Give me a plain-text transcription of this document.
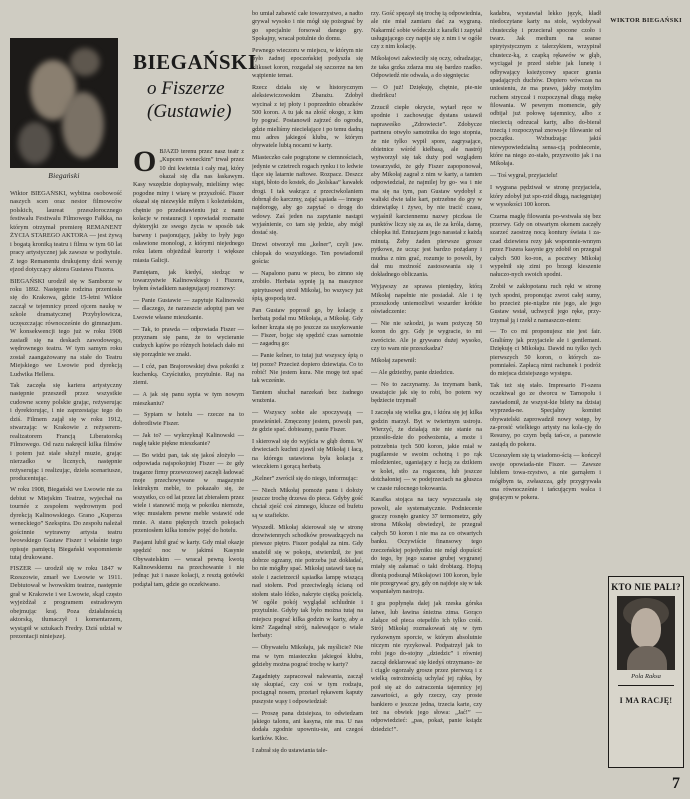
Biegański

Wiktor BIEGAŃSKI, wybitna osobowość naszych scen oraz nestor filmowców polskich, laureat przeszłorocznego festiwalu Festiwalu Filmowego Fałkka, na którym otrzymał premierę REMANENT ŻYCIA STAREGO AKTORA — jest żywą i bogatą kroniką teatru i filmu w tym 60 lat pracy artystycznej jak zawsze w podtytule. Z tego Remanentu drukujemy dziś wersję ejzod dotyczący aktora Gustawa Fiszera.

BIEGAŃSKI urodził się w Samborze w roku 1892. Następnie rodzina przeniosła się do Krakowa, gdzie 15-letni Wiktor zaczął w tejemnicy przed ojcem naukę w szkole dramatycznej Przybylowicza, uczęszczając równocześnie do gimnazjum. W konsekwencji tego już w roku 1908 zasiadł się na deskach zawodowego, wędrownego teatru. W tym samym roku został zaangażowany na stałe do Teatru Miejskiego we Lwowie pod dyrekcją Ludwika Hellera.

Tak zaczęła się kariera artystyczny następnie przeszedł przez wszystkie cudowne sceny polskie grając, reżyserując i dyrektorując, i nie zaprzestając tego do dziś. Filmem zajął się w roku 1912, stwarzając w Krakowie z reżyserem-realizatorem Francją Liberatorską Filmowego. Od razu nakręcił kilka filmów i potem już stale służył muzie, grając nierzadko w licznych, następnie reżyserując i realizując, dzieła scenariusze, producentując.

W roku 1908, Biegański we Lwowie nie za debiut w Miejskim Teatrze, wyjechał na tournée z zespołem wędrownym pod dyrekcją Kalinowskiego. Grano „Kuperza weneckiego” Szekspira. Do zespołu należał gościnnie wytrawny artysta teatru lwowskiego Gustaw Fiszer i właśnie tego opisuje pamięcią Biegański wspomnienie tutaj drukowane.

FISZER — urodził się w roku 1847 w Rzeszowie, zmarł we Lwowie w 1911. Debiutował w lwowskim teatrze, następnie grał w Krakowie i we Lwowie, skąd często wyjeżdżał z programem estradowym obejmując kraj. Poza działalnością aktorską, tłumaczył i komentarzem, wystąpił w sztukach Fredry. Dziś udział w prezentacji niniejszej.

BIEGAŃSKI
o Fiszerze
(Gustawie)

OBJAZD terenu przez nasz teatr z „Kupcem weneckim” trwał przez 10 dni kwietnia i cały maj, który okazał się dla nas łaskawym. Kasy wszędzie dopisywały, mieliśmy więc pogodne miny i wiarę w przyszłość. Fiszer okazał się niezwykle miłym i koleżeńskim, chętnie po przedstawieniu już z nami kolacje w restauracji i opowiadał rozmaite dykteryjki ze swego życia w sposób tak barwny i pasjonujący, jakby to były jego osławione monologi, z którymi niejednego roku latem objeżdżał kurorty i większe miasta Galicji.

Pamiętam, jak kiedyś, siedząc w towarzystwie Kalinowskiego i Fiszera, byłem świadkiem następującej rozmowy:

— Panie Gustawie — zapytuje Kalinowski — dlaczego, że narzeszcie adoptuj pan we Lwowie własne mieszkanie.

— Tak, to prawda — odpowiada Fiszer — przyznam się panu, że to wycieranie cudzych kątów po różnych hotelach dało mi się porządnie we znaki.

— I cóż, pan Brajorowskiej dwa pokoiki z kuchenką. Czyściutko, przytulnie. Raj na ziemi.

— A jak się panu sypia w tym nowym mieszkaniu?

— Sypiam w hotelu — rzecze na to dobrotliwie Fiszer.

— Jak to? — wykrzyknął Kalinowski — naglę takie piękne mieszkanie?

— Bo widzi pan, tak się jakoś złożyło — odpowiada najspokojniej Fiszer — że gdy tragarze firmy przewozowej zaczęli ładować moje przechowywane w magazynie lektrukym meble, to pokazało się, że wszystko, co od lat przez lat zbierałem przez wiele i stanowić moją w pokoiku niemoże, więc musiałem pewne meble wstawić ode mnie. A stanu pięknych trzech pokojach przeniosłem kilka tomów pojęć do hotelu.

Pasjami lubił grać w karty. Gdy miał okazje spędzić noc w jakimś Kasynie Obywatelskim — wracał pewną kwotą Kalinowskiemu na przechowanie i nie jednąc już i nasze kolacji, z resztą gotówki podążał tam, gdzie go oczekiwano.

bo umiał zabawić całe towarzystwo, a nadto grywał wysoko i nie mógł się pożegnać by go specjalnie forsował danego gry. Spokajny, wracał potulnie do domu.

Pewnego wieczoru w miejscu, w którym nie było żadnej epoczeńskiej podyszła się klikuset koron, rozgadał się szczerze na ten wątpienie temat.

Rzecz działa się w historycznym aleksiewiczowskim Zbarażu. Zdobył wycinał z tej płoty i poprzednio obrazków 500 koron. A tu jak na złość okogo, z kim by pograć. Postanowił zajrzeć do ogrodu, gdzie mieliśmy nieciełające i po temu dadną mu adres jakiegoś klubu, w którym obywatele lubią nocami w karty.

Miasteczko całe pogrążone w ciemnościach, jedynie w cztetrech rogach rynku i to ledwie tlące się latarnie naftowe. Rozpacz. Deszcz siąpi, błoto do kostek, do „kolskaa” kawałek drogi. I tak wakrącz z przeciwkolaniem dobrnął do karczmy, zająć sąsiada — innego najdorogę, aby go zapytać o drogę do wdowy. Zaś jeden na zapytanie nastąpi wyjaśnienie, co tam się jedzie, aby mógł dostać się.

Drzwi otworzył mu „kelner”, czyli jaw. chłopak do wszystkiego. Ten powiadomił gościa:

— Napalono panu w piecu, bo zimno się zrobiło. Herbata sypnię ją na maszynce spirytusowej stroił Mikołaj, bo wszyscy już śpią, gospodą też.

Pan Gustaw poprosił go, by kolację z herbatą podał mu Mikołaja, a Mikołaj. Gdy kelner krząta się po jeszcze za uszykowanie — Fiszer, bojąc się spędzić czas samotnie — zagadną go:

— Panie kelner, to tutaj już wszyscy śpią o tej porze? Przecież dopiero dziewiąta. Co to robić! Nie jestem kura. Nie mogę też spać tak wcześnie.

Tamtem słuchał narzekań bez żadnego wrażenia.

— Wszyscy sobie ale spoczywają — prawieśnieł. Zmęczony jestem, powoli pan, że gdzie spać. dobieamy, panie Fiszer.

I skierował się do wyjścia w głąb domu. W drwieciach kuchni zjawił się Mikołaj i łacą, na któregu ustawiona była kolacja z wieczkiem i gorącą herbatą.

„Kelner” zwrócił się do niego, informując:

— Niech Mikołaj pomoże panu i dołoży jeszcze trochę drzewa do pieca. Gdyby gość chciał zjeść coś zimnego, klucze od bufetu są w szafiekże.

Wyszedł. Mikołaj skierował się w stronę drzwiwiennych schodków prowadzących na piewsze piętro. Fiszer podąłał za nim. Gdy snażelił się w pokoju, stwierdził, że jest dobrze ogrzany, nie potrzeba już dokładać, bo nie mógłby spać. Mikołaj ustawił tacę na stole i zacietrzecił sąsiadka lampę wiszącą nad stołem. Pod przeciwległą ścianą od stołem stało łóżko, nakryte ciężką pościelą. W ogóle pokój wyglądał schludnie i przytulnie. Gdyby tak było można tutaj na miejscu pograć kilka godzin w karty, aby a kim? Zagadnął strój, nalewające o wiale herbaty:

— Obywatelu Mikołaju, jak myślicie? Nie ma w tym miasteczku jakiegoś klubu, gdzieby można pograć trochę w karty?

Zagadnięty zapracował nalewania, zaczął się skupiać, czy coś w tym rodzaju, pociągnął nosem, przetarł rękawem kaputy puszyste wąsy i odpowiedział:

— Proszę pana dzisiejsza, to odwiedzam jakiego talonu, ani kasyna, nie ma. U nas dodała zgodnie upowniu-sie, ani czegoś kartków. Kłoc.

I zabrał się do ustawiania tale-

rzy. Gość spęzaył się trochę ią odpowiednia, ale nie miał zamiaru dać za wygraną. Nakarmić sobie wódeczki z karafki i zapytał usługującego czy napije się z nim i w ogóle czy z nim kolację.

Mikołajowi zakwieciły się oczy, odradzając, że taka grzka zdarza mu się bardzo rzadko. Odpowiedź nie odwala, a do sięgnięcia:

— O już! Dziękuję, chętnie, pie-nie diedrikcu!

Zrzucił ciepłe okrycie, wytarł ręce w spodnie i zachowując dystans ustawił napraweśko „Zdrowiecie”. Zdobycze partnera otwyło samotnika do tego stopnia, że nie tylko wypił spore, zagrysające, obietnice wśród kiełbasą, ale nastrój wytworzył się tak duży pod wzglądem towarzystki, że gdy Fiszer zapoponował, aby Mikołaj zagrał z nim w karty, a tamten odpowiedział, że najmilej by go- wa i nie ma się na tym, pan Gustaw wydobył z waliski dwie talie kart, potrzebne do gry w dziewiątkę i żywo, by nie tracić czasu, wyjaśnił karciennemu nazwy piczkaa ile punktów liczy się za as, ile za króla, damę, chłopka itd. Entuzjazm jego narastał z każdą minutą. Żeby żaden pierwsze grosze pytkowe, że ucząc jest bardzo pożądany i mudna z nim grać, rozumje to powoli, by dał mu możność zastosowania się i dokładnego obliczania.

Wyjąwszy ze sprawa pieniędzy, którą Mikołaj napełnie nie posiadał. Ale i tę przeszkodę uniemożliwi wszarder krótkie oświadczenie:

— Nie nie szkodzi, ja wam pożyczę 50 koron do gry. Gdy je wygracie, to mi zwrócicie. Ale je grywano dużej wysoko, czy to wam nie przeszkadza?

Mikołaj zapewnił:

— Ale gdzieżby, panie dziedzicu.

— No to zaczynamy. Ja trzymam bank, uważajcie jak się to robi, bo potem wy będziecie trzymał!

I zaczęła się wielka gra, i która się jej kilka godzin marzył. Byt w twiertnym ustroju. Wierzyć, że działają nie nie stanie na przesiło-dzie do podwożenia, a może i potrzebnia tych 500 koron, jakie miał w pugilaresie w swoim ochotną i po rąk mlodzieniec, uganiający z łucją za dzikiem w kolei, stło za rogacons, lub jeszcze dotchałoniej — w podejrzeciach na głuszca w czasie rulocnego tokowania.

Karafka stojąca na tacy wyszczasła się powoli, ale systematycznie. Podniecenie graczy rosnęło granicy 37 termometrz, gdy strona Mikołaj obwiedzył, że przegrał całych 50 koron i nie ma za co otwartych banku. Oczywiście finansowy tego rzeczeńskiej pojedyniku nie mógł dopuścić do tego, by jego szanse grubej wygranej rniały się załamać o taki drobiazg. Hojną dłonią podsunął Mikołajowi 100 koron, byle nie przegrywać gry, gdy on najdoje się w tak wspaniałym nastroju.

I gra popłynęła dalej jak rzeska górska łatwe, lub ławina śnieżna zima. Gorąco zlałące od pieca otepelilo ich tylko cośń. Strój Mikołaj rozmakowań się w tym ryzkownym sporcie, w którym absolutnie niczym nie ryzykował. Podpatrzył jak to robi jego do-stojny „dziedzic” i równiej zaczął deklarować się kiedyś otrzymano- że i ciągle ogorzały grosze przez pierwszą i z wielką ostrożnością uchylać jej rąbka, by poił się aż do zatraczenia tajemnicy jej zawartości, a gdy rzeczy, czy proste bankiero e jeszcze jedna, trzecia karte, czy też na obwiek jego słowa: „Jać!” — odpowiedzieć: „pas, pokaż, panie ksiądz dziedzic!”.

kadabra, wystawiał lekko język, kładł niedoczytane karty na stole, wydobywał chusteczkę i przecierał spocone czoło i twarz. Jak medium na seanse spirytystycznym z talerzykiem, wrzypirał chustecz-ką, z czapką rękawów w głąb, wyciągał je przed siebie jak lunetę i odbywający ksieżycowy spacer grania spadających duchów. Dopiero wówczas na uniesieniu, że ma prawo, jakby motylim ruchem stryczał i rozpoczynał długą mękę filowania. W pewnym momencie, gdy odbijał już połowę tajemnicy, albo z nieciecią odrzucał karty, albo do-bierał trzecią i rozpoczynał znowu-je filowanie od początku. Wzbudzając jakiś niewypowiedzialną sensa-cją podniecenie, które na niego zo-stało, przyzwoito jak i na Mikołaja.

— Toś wygrał, przyjacielu!

I wygrana pędziwał w stronę przyjaciela, który zdobył już spo-rzid długą, nacięgniątej w wysokości 100 koron.

Czarna maglę filowania po-wstwała się bez przerwy. Gdy on otwartym okenem zaczęły szarzeć zaostrzę nocą kontury świata i za-czad dziewiera rezy jak wspomnie-wnnym przez Fiszera kasynie gry zdobił on przegrał całych 500 ko-ron, a pocztwy Mikołaj wypełnił się zimi po brzegi kieszenie nałuczo-nych swoich spodni.

Zrobił w zakłopotanu ruch ręki w stronę tych spodni, proponując zwrot całej sumy, bo przecież pie-niądze nie jego, ale jego Gustaw wstał, uchwycił jego ręke, przy-trzymał ją i rzekł z namaszcze-niem:

— To co mi proponujesz nie jest fair. Graliśmy jak przyjaciele ale i gentlemani. Dziękuję ci Mikołaju. Dawid nu tylko tych pierwszych 50 koron, o których za-pomniałeś. Zapłacą nimi rachunek i podróż do miejsca dzisiejszego występu.

Tak też się stało. Impresario Fi-szera oczekiwał go ze dworcu w Tarnopolu i zawiadomił, że wszyst-kie bilety na dzisiaj wyprzeda-ne. Specjalny komitet obywatelski zaprowadził nowy wstęp, by za-prosić wielkiego artysty na kola-cję do Resursy, po czym będą tań-ce, a panowie zasiądą do pokera.

Uczeszyłem się tą wiadomo-ścią — kończył swoje opowiada-nie Fiszer. — Zawsze lubiłem towa-rzystwo, a nie garnąłem i mógłbym ta, zwłaszcza, gdy przygrywała ona równocześnie i tańcującym walca i grającym w pokera.

WIKTOR BIEGAŃSKI
KTO NIE PALI?
Pola Raksa
I MA RACJĘ!
7
